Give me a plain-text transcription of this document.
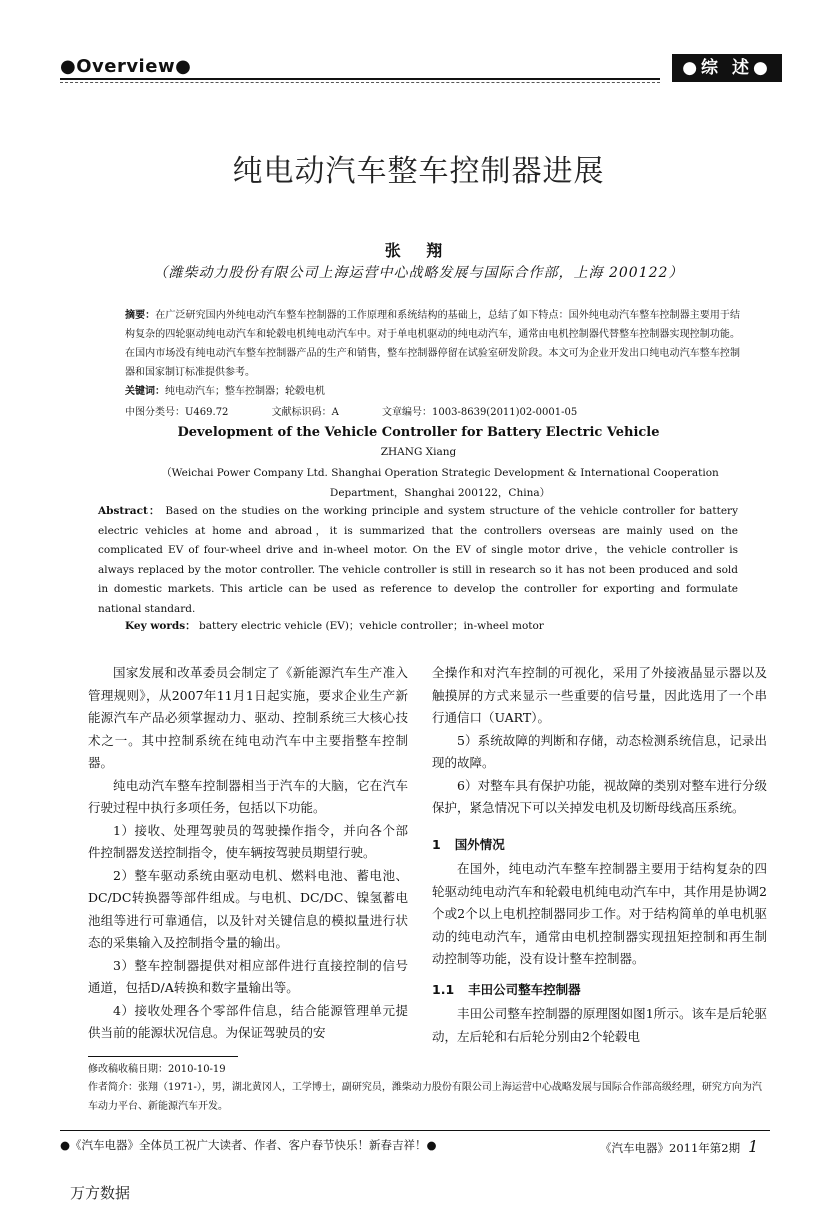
●Overview●	●综 述●
纯电动汽车整车控制器进展
张 翔
（潍柴动力股份有限公司上海运营中心战略发展与国际合作部，上海 200122）
摘要：在广泛研究国内外纯电动汽车整车控制器的工作原理和系统结构的基础上，总结了如下特点：国外纯电动汽车整车控制器主要用于结构复杂的四轮驱动纯电动汽车和轮毂电机纯电动汽车中。对于单电机驱动的纯电动汽车，通常由电机控制器代替整车控制器实现控制功能。在国内市场没有纯电动汽车整车控制器产品的生产和销售，整车控制器停留在试验室研发阶段。本文可为企业开发出口纯电动汽车整车控制器和国家制订标准提供参考。
关键词：纯电动汽车；整车控制器；轮毂电机
中图分类号：U469.72	文献标识码：A	文章编号：1003-8639(2011)02-0001-05
Development of the Vehicle Controller for Battery Electric Vehicle
ZHANG Xiang
（Weichai Power Company Ltd. Shanghai Operation Strategic Development & International Cooperation Department，Shanghai 200122，China）
Abstract： Based on the studies on the working principle and system structure of the vehicle controller for battery electric vehicles at home and abroad，it is summarized that the controllers overseas are mainly used on the complicated EV of four-wheel drive and in-wheel motor. On the EV of single motor drive，the vehicle controller is always replaced by the motor controller. The vehicle controller is still in research so it has not been produced and sold in domestic markets. This article can be used as reference to develop the controller for exporting and formulate national standard.
Key words： battery electric vehicle (EV)；vehicle controller；in-wheel motor

国家发展和改革委员会制定了《新能源汽车生产准入管理规则》，从2007年11月1日起实施，要求企业生产新能源汽车产品必须掌握动力、驱动、控制系统三大核心技术之一。其中控制系统在纯电动汽车中主要指整车控制器。

纯电动汽车整车控制器相当于汽车的大脑，它在汽车行驶过程中执行多项任务，包括以下功能。

1）接收、处理驾驶员的驾驶操作指令，并向各个部件控制器发送控制指令，使车辆按驾驶员期望行驶。

2）整车驱动系统由驱动电机、燃料电池、蓄电池、DC/DC转换器等部件组成。与电机、DC/DC、镍氢蓄电池组等进行可靠通信，以及针对关键信息的模拟量进行状态的采集输入及控制指令量的输出。

3）整车控制器提供对相应部件进行直接控制的信号通道，包括D/A转换和数字量输出等。

4）接收处理各个零部件信息，结合能源管理单元提供当前的能源状况信息。为保证驾驶员的安

全操作和对汽车控制的可视化，采用了外接液晶显示器以及触摸屏的方式来显示一些重要的信号量，因此选用了一个串行通信口（UART）。

5）系统故障的判断和存储，动态检测系统信息，记录出现的故障。

6）对整车具有保护功能，视故障的类别对整车进行分级保护，紧急情况下可以关掉发电机及切断母线高压系统。

1 国外情况

在国外，纯电动汽车整车控制器主要用于结构复杂的四轮驱动纯电动汽车和轮毂电机纯电动汽车中，其作用是协调2个或2个以上电机控制器同步工作。对于结构简单的单电机驱动的纯电动汽车，通常由电机控制器实现扭矩控制和再生制动控制等功能，没有设计整车控制器。

1.1 丰田公司整车控制器

丰田公司整车控制器的原理图如图1所示。该车是后轮驱动，左后轮和右后轮分别由2个轮毂电

修改稿收稿日期：2010-10-19
作者简介：张翔（1971-），男，湖北黄冈人，工学博士，副研究员，潍柴动力股份有限公司上海运营中心战略发展与国际合作部高级经理，研究方向为汽车动力平台、新能源汽车开发。
●《汽车电器》全体员工祝广大读者、作者、客户春节快乐！新春吉祥！●	《汽车电器》2011年第2期 1
万方数据
